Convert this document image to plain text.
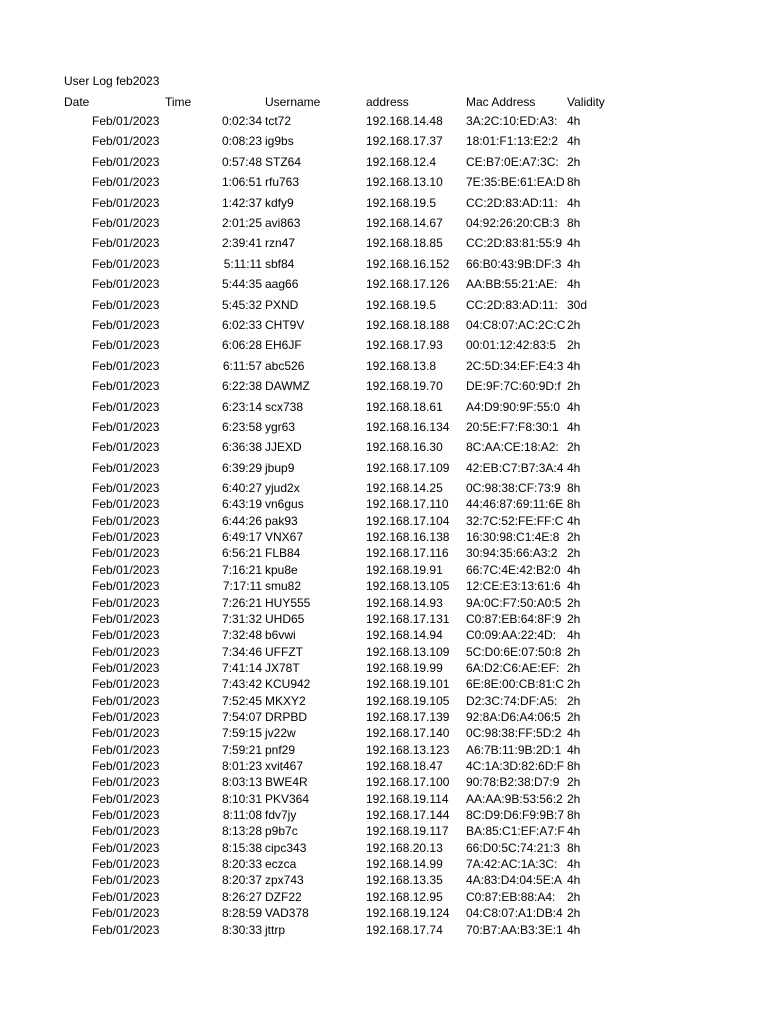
User Log feb2023
Date	Time	Username	address	Mac Address	Validity
Feb/01/2023	0:02:34 tct72	192.168.14.48 3A:2C:10:ED:A3: 4h
Feb/01/2023	0:08:23 ig9bs	192.168.17.37 18:01:F1:13:E2:2 4h
Feb/01/2023	0:57:48 STZ64	192.168.12.4 CE:B7:0E:A7:3C: 2h
Feb/01/2023	1:06:51 rfu763	192.168.13.10 7E:35:BE:61:EA:D 8h
Feb/01/2023	1:42:37 kdfy9	192.168.19.5 CC:2D:83:AD:11: 4h
Feb/01/2023	2:01:25 avi863	192.168.14.67 04:92:26:20:CB:3 8h
Feb/01/2023	2:39:41 rzn47	192.168.18.85 CC:2D:83:81:55:9 4h
Feb/01/2023	5:11:11 sbf84	192.168.16.152 66:B0:43:9B:DF:3 4h
Feb/01/2023	5:44:35 aag66	192.168.17.126 AA:BB:55:21:AE: 4h
Feb/01/2023	5:45:32 PXND	192.168.19.5 CC:2D:83:AD:11: 30d
Feb/01/2023	6:02:33 CHT9V	192.168.18.188 04:C8:07:AC:2C:C 2h
Feb/01/2023	6:06:28 EH6JF	192.168.17.93 00:01:12:42:83:5 2h
Feb/01/2023	6:11:57 abc526	192.168.13.8 2C:5D:34:EF:E4:3 4h
Feb/01/2023	6:22:38 DAWMZ	192.168.19.70 DE:9F:7C:60:9D:f 2h
Feb/01/2023	6:23:14 scx738	192.168.18.61 A4:D9:90:9F:55:0 4h
Feb/01/2023	6:23:58 ygr63	192.168.16.134 20:5E:F7:F8:30:1 4h
Feb/01/2023	6:36:38 JJEXD	192.168.16.30 8C:AA:CE:18:A2: 2h
Feb/01/2023	6:39:29 jbup9	192.168.17.109 42:EB:C7:B7:3A:4 4h
Feb/01/2023	6:40:27 yjud2x	192.168.14.25 0C:98:38:CF:73:9 8h
Feb/01/2023	6:43:19 vn6gus	192.168.17.110 44:46:87:69:11:6E 8h
Feb/01/2023	6:44:26 pak93	192.168.17.104 32:7C:52:FE:FF:C 4h
Feb/01/2023	6:49:17 VNX67	192.168.16.138 16:30:98:C1:4E:8 2h
Feb/01/2023	6:56:21 FLB84	192.168.17.116 30:94:35:66:A3:2 2h
Feb/01/2023	7:16:21 kpu8e	192.168.19.91 66:7C:4E:42:B2:0 4h
Feb/01/2023	7:17:11 smu82	192.168.13.105 12:CE:E3:13:61:6 4h
Feb/01/2023	7:26:21 HUY555	192.168.14.93 9A:0C:F7:50:A0:5 2h
Feb/01/2023	7:31:32 UHD65	192.168.17.131 C0:87:EB:64:8F:9 2h
Feb/01/2023	7:32:48 b6vwi	192.168.14.94 C0:09:AA:22:4D: 4h
Feb/01/2023	7:34:46 UFFZT	192.168.13.109 5C:D0:6E:07:50:8 2h
Feb/01/2023	7:41:14 JX78T	192.168.19.99 6A:D2:C6:AE:EF: 2h
Feb/01/2023	7:43:42 KCU942	192.168.19.101 6E:8E:00:CB:81:C 2h
Feb/01/2023	7:52:45 MKXY2	192.168.19.105 D2:3C:74:DF:A5: 2h
Feb/01/2023	7:54:07 DRPBD	192.168.17.139 92:8A:D6:A4:06:5 2h
Feb/01/2023	7:59:15 jv22w	192.168.17.140 0C:98:38:FF:5D:2 4h
Feb/01/2023	7:59:21 pnf29	192.168.13.123 A6:7B:11:9B:2D:1 4h
Feb/01/2023	8:01:23 xvit467	192.168.18.47 4C:1A:3D:82:6D:F 8h
Feb/01/2023	8:03:13 BWE4R	192.168.17.100 90:78:B2:38:D7:9 2h
Feb/01/2023	8:10:31 PKV364	192.168.19.114 AA:AA:9B:53:56:2 2h
Feb/01/2023	8:11:08 fdv7jy	192.168.17.144 8C:D9:D6:F9:9B:7 8h
Feb/01/2023	8:13:28 p9b7c	192.168.19.117 BA:85:C1:EF:A7:F 4h
Feb/01/2023	8:15:38 cipc343	192.168.20.13 66:D0:5C:74:21:3 8h
Feb/01/2023	8:20:33 eczca	192.168.14.99 7A:42:AC:1A:3C: 4h
Feb/01/2023	8:20:37 zpx743	192.168.13.35 4A:83:D4:04:5E:A 4h
Feb/01/2023	8:26:27 DZF22	192.168.12.95 C0:87:EB:88:A4: 2h
Feb/01/2023	8:28:59 VAD378	192.168.19.124 04:C8:07:A1:DB:4 2h
Feb/01/2023	8:30:33 jttrp	192.168.17.74 70:B7:AA:B3:3E:1 4h
